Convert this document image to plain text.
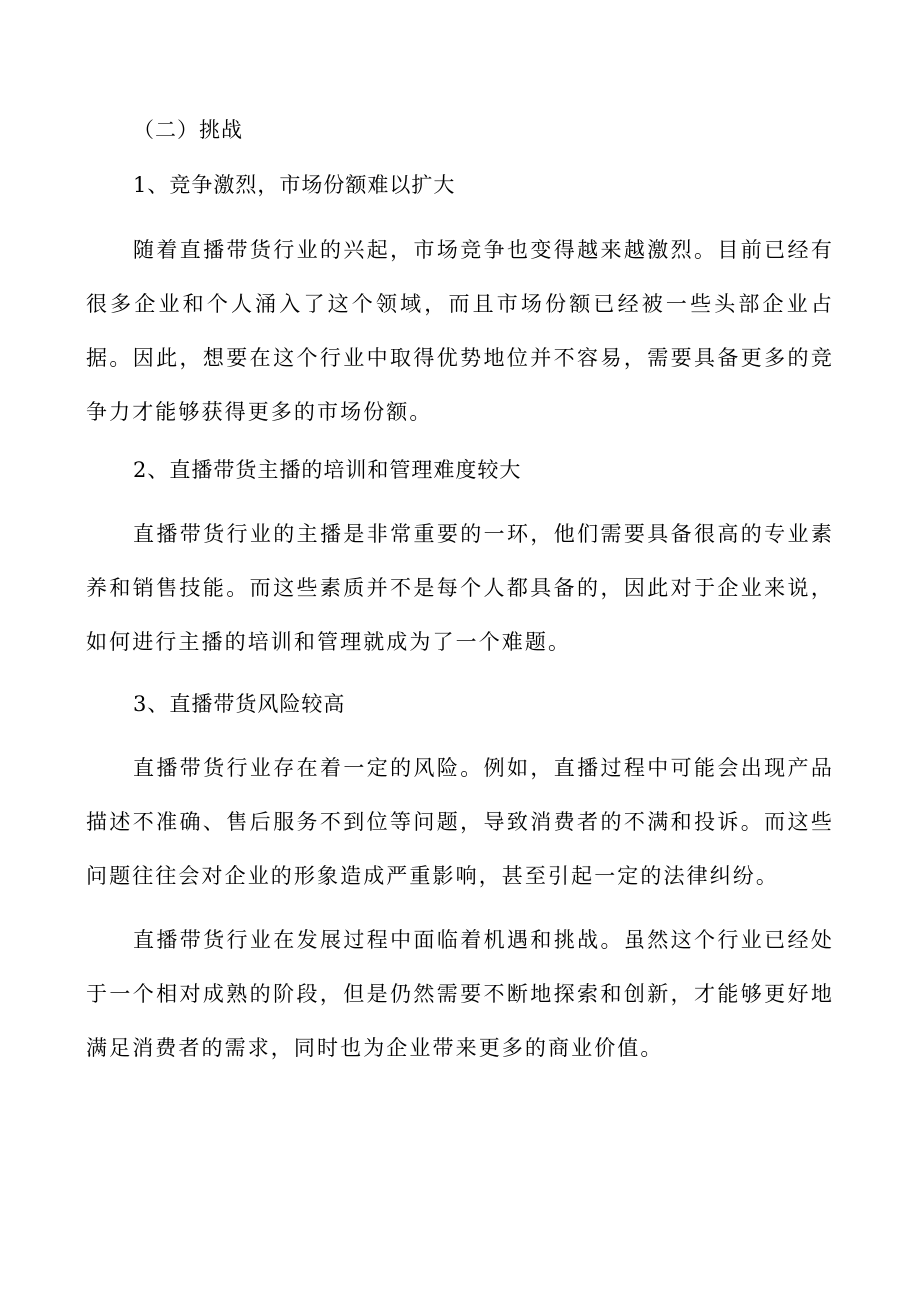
（二）挑战
1、竞争激烈，市场份额难以扩大

随着直播带货行业的兴起，市场竞争也变得越来越激烈。目前已经有很多企业和个人涌入了这个领域，而且市场份额已经被一些头部企业占据。因此，想要在这个行业中取得优势地位并不容易，需要具备更多的竞争力才能够获得更多的市场份额。

2、直播带货主播的培训和管理难度较大

直播带货行业的主播是非常重要的一环，他们需要具备很高的专业素养和销售技能。而这些素质并不是每个人都具备的，因此对于企业来说，如何进行主播的培训和管理就成为了一个难题。

3、直播带货风险较高

直播带货行业存在着一定的风险。例如，直播过程中可能会出现产品描述不准确、售后服务不到位等问题，导致消费者的不满和投诉。而这些问题往往会对企业的形象造成严重影响，甚至引起一定的法律纠纷。

直播带货行业在发展过程中面临着机遇和挑战。虽然这个行业已经处于一个相对成熟的阶段，但是仍然需要不断地探索和创新，才能够更好地满足消费者的需求，同时也为企业带来更多的商业价值。
